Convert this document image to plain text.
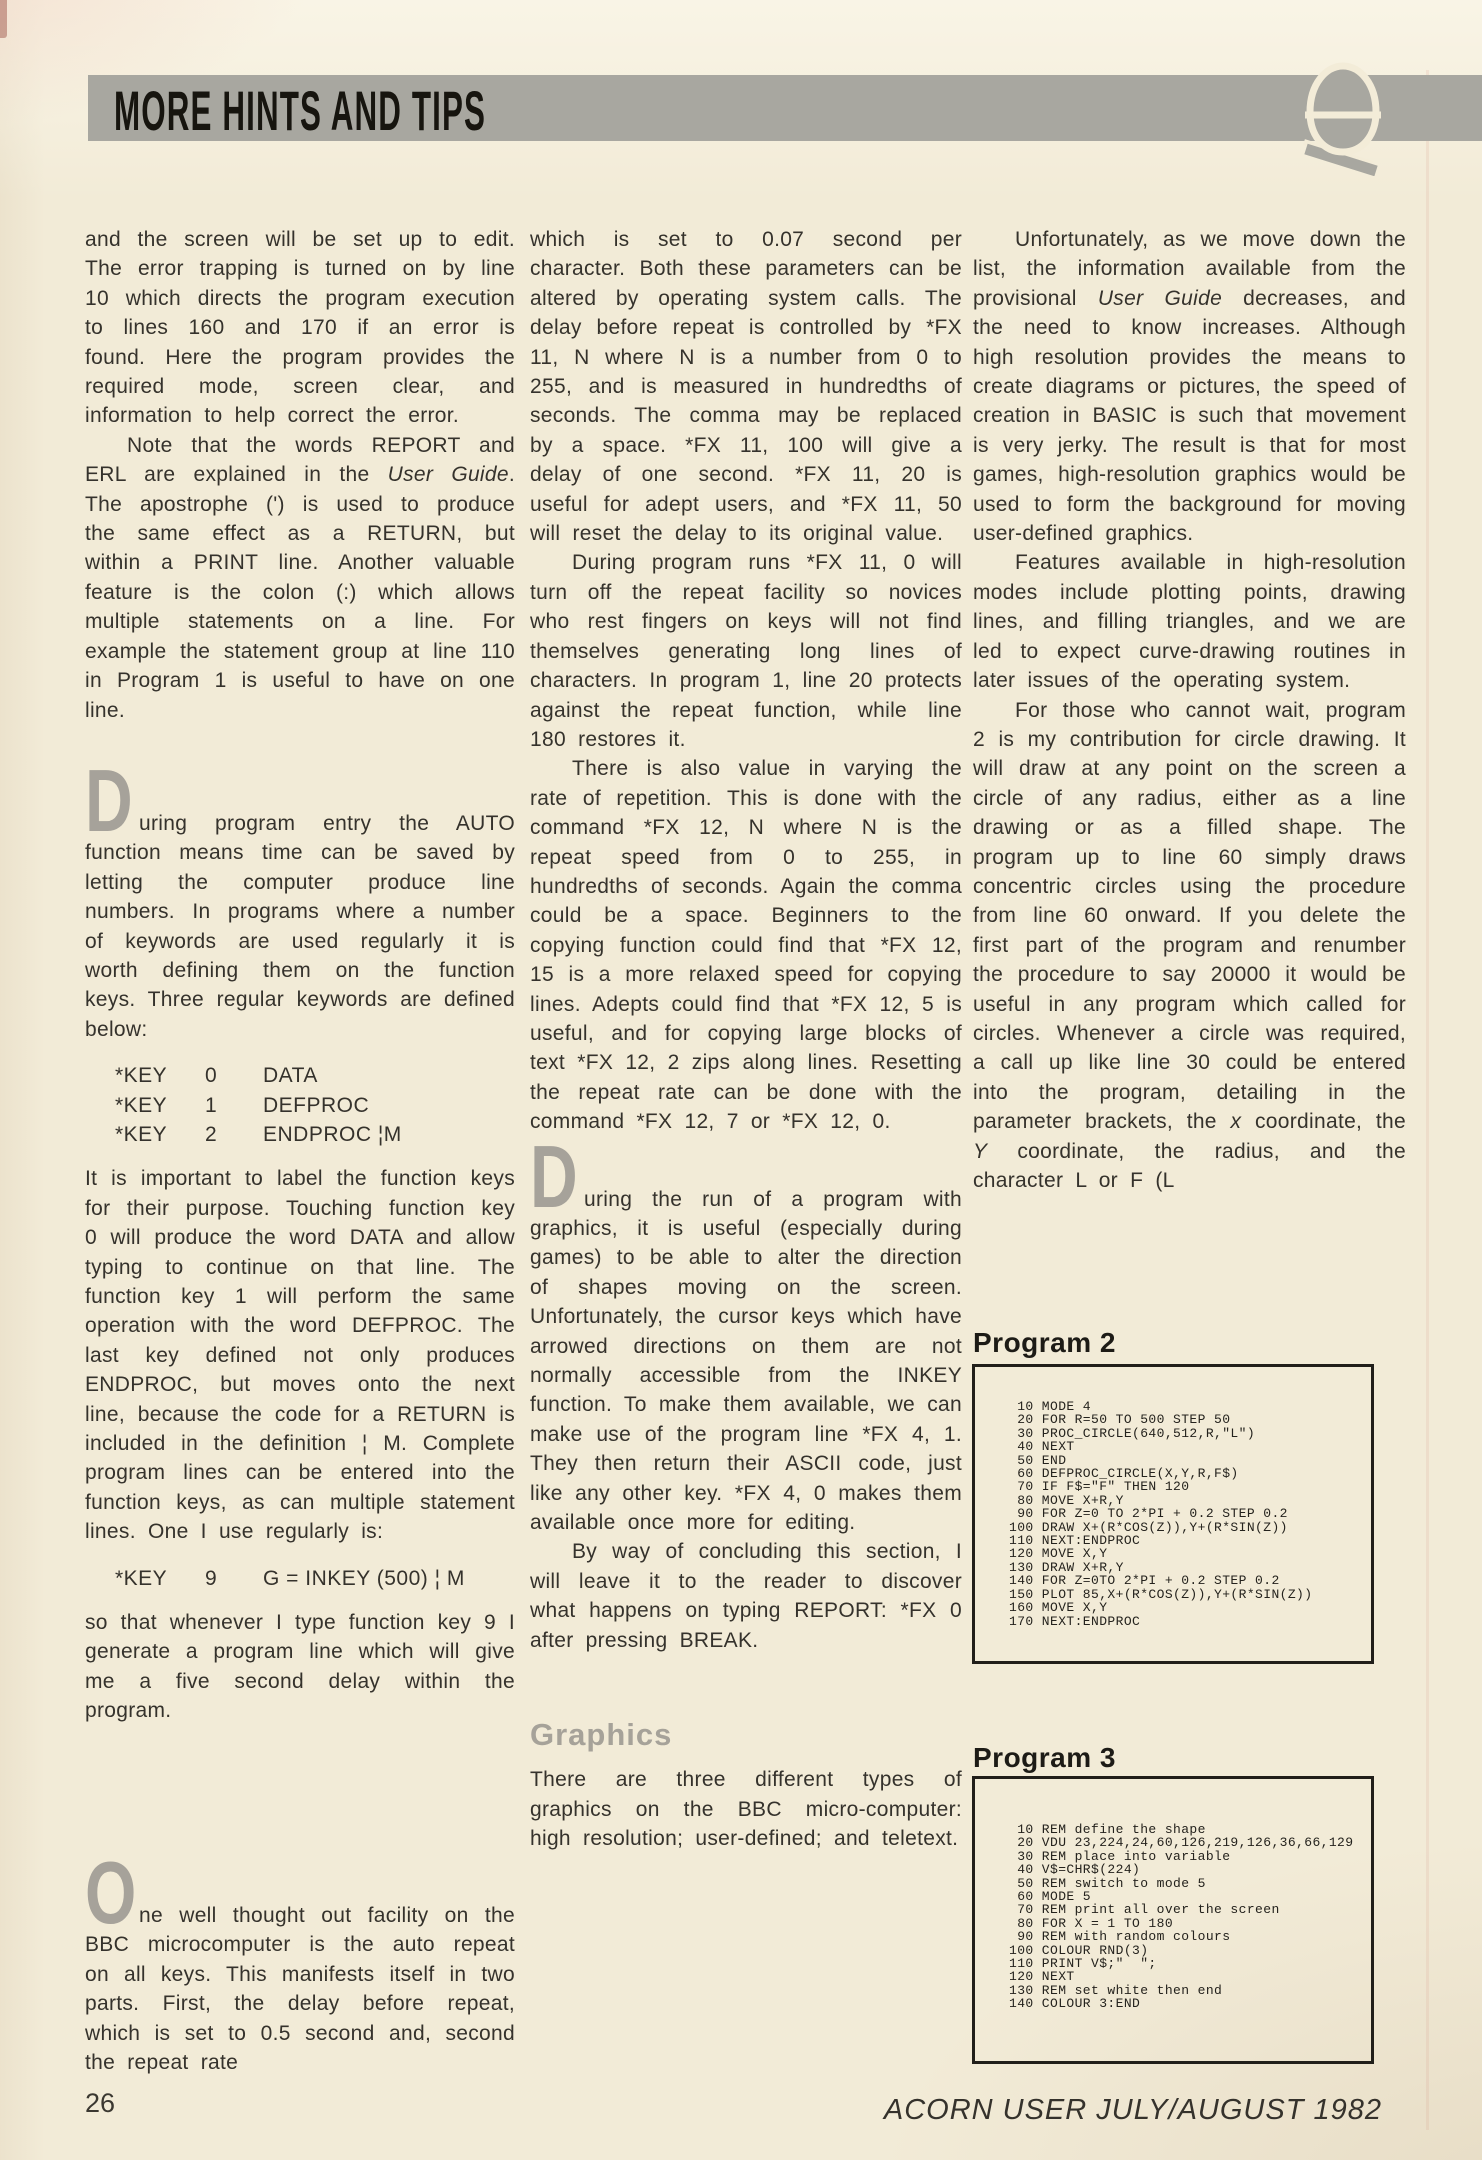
MORE HINTS AND TIPS

and the screen will be set up to edit. The error trapping is turned on by line 10 which directs the program execution to lines 160 and 170 if an error is found. Here the program provides the required mode, screen clear, and information to help correct the error.

Note that the words REPORT and ERL are explained in the User Guide. The apostrophe (') is used to produce the same effect as a RETURN, but within a PRINT line. Another valuable feature is the colon (:) which allows multiple statements on a line. For example the statement group at line 110 in Program 1 is useful to have on one line.

D uring program entry the AUTO function means time can be saved by letting the computer produce line numbers. In programs where a number of keywords are used regularly it is worth defining them on the function keys. Three regular keywords are defined below:

*KEY	0	DATA
*KEY	1	DEFPROC
*KEY	2	ENDPROC ¦M

It is important to label the function keys for their purpose. Touching function key 0 will produce the word DATA and allow typing to continue on that line. The function key 1 will perform the same operation with the word DEFPROC. The last key defined not only produces ENDPROC, but moves onto the next line, because the code for a RETURN is included in the definition ¦ M. Complete program lines can be entered into the function keys, as can multiple statement lines. One I use regularly is:

*KEY	9	G = INKEY (500) ¦ M

so that whenever I type function key 9 I generate a program line which will give me a five second delay within the program.

O ne well thought out facility on the BBC microcomputer is the auto repeat on all keys. This manifests itself in two parts. First, the delay before repeat, which is set to 0.5 second and, second the repeat rate

which is set to 0.07 second per character. Both these parameters can be altered by operating system calls. The delay before repeat is controlled by *FX 11, N where N is a number from 0 to 255, and is measured in hundredths of seconds. The comma may be replaced by a space. *FX 11, 100 will give a delay of one second. *FX 11, 20 is useful for adept users, and *FX 11, 50 will reset the delay to its original value.

During program runs *FX 11, 0 will turn off the repeat facility so novices who rest fingers on keys will not find themselves generating long lines of characters. In program 1, line 20 protects against the repeat function, while line 180 restores it.

There is also value in varying the rate of repetition. This is done with the command *FX 12, N where N is the repeat speed from 0 to 255, in hundredths of seconds. Again the comma could be a space. Beginners to the copying function could find that *FX 12, 15 is a more relaxed speed for copying lines. Adepts could find that *FX 12, 5 is useful, and for copying large blocks of text *FX 12, 2 zips along lines. Resetting the repeat rate can be done with the command *FX 12, 7 or *FX 12, 0.

D uring the run of a program with graphics, it is useful (especially during games) to be able to alter the direction of shapes moving on the screen. Unfortunately, the cursor keys which have arrowed directions on them are not normally accessible from the INKEY function. To make them available, we can make use of the program line *FX 4, 1. They then return their ASCII code, just like any other key. *FX 4, 0 makes them available once more for editing.

By way of concluding this section, I will leave it to the reader to discover what happens on typing REPORT: *FX 0 after pressing BREAK.

Graphics

There are three different types of graphics on the BBC micro-computer: high resolution; user-defined; and teletext.

Unfortunately, as we move down the list, the information available from the provisional User Guide decreases, and the need to know increases. Although high resolution provides the means to create diagrams or pictures, the speed of creation in BASIC is such that movement is very jerky. The result is that for most games, high-resolution graphics would be used to form the background for moving user-defined graphics.

Features available in high-resolution modes include plotting points, drawing lines, and filling triangles, and we are led to expect curve-drawing routines in later issues of the operating system.

For those who cannot wait, program 2 is my contribution for circle drawing. It will draw at any point on the screen a circle of any radius, either as a line drawing or as a filled shape. The program up to line 60 simply draws concentric circles using the procedure from line 60 onward. If you delete the first part of the program and renumber the procedure to say 20000 it would be useful in any program which called for circles. Whenever a circle was required, a call up like line 30 could be entered into the program, detailing in the parameter brackets, the x coordinate, the Y coordinate, the radius, and the character L or F (L

Program 2
10 MODE 4
20 FOR R=50 TO 500 STEP 50
30 PROC_CIRCLE(640,512,R,"L")
40 NEXT
50 END
60 DEFPROC_CIRCLE(X,Y,R,F$)
70 IF F$="F" THEN 120
80 MOVE X+R,Y
90 FOR Z=0 TO 2*PI + 0.2 STEP 0.2
100 DRAW X+(R*COS(Z)),Y+(R*SIN(Z))
110 NEXT:ENDPROC
120 MOVE X,Y
130 DRAW X+R,Y
140 FOR Z=0TO 2*PI + 0.2 STEP 0.2
150 PLOT 85,X+(R*COS(Z)),Y+(R*SIN(Z))
160 MOVE X,Y
170 NEXT:ENDPROC
Program 3
10 REM define the shape
20 VDU 23,224,24,60,126,219,126,36,66,129
30 REM place into variable
40 V$=CHR$(224)
50 REM switch to mode 5
60 MODE 5
70 REM print all over the screen
80 FOR X = 1 TO 180
90 REM with random colours
100 COLOUR RND(3)
110 PRINT V$;"  ";
120 NEXT
130 REM set white then end
140 COLOUR 3:END
26	ACORN USER JULY/AUGUST 1982
